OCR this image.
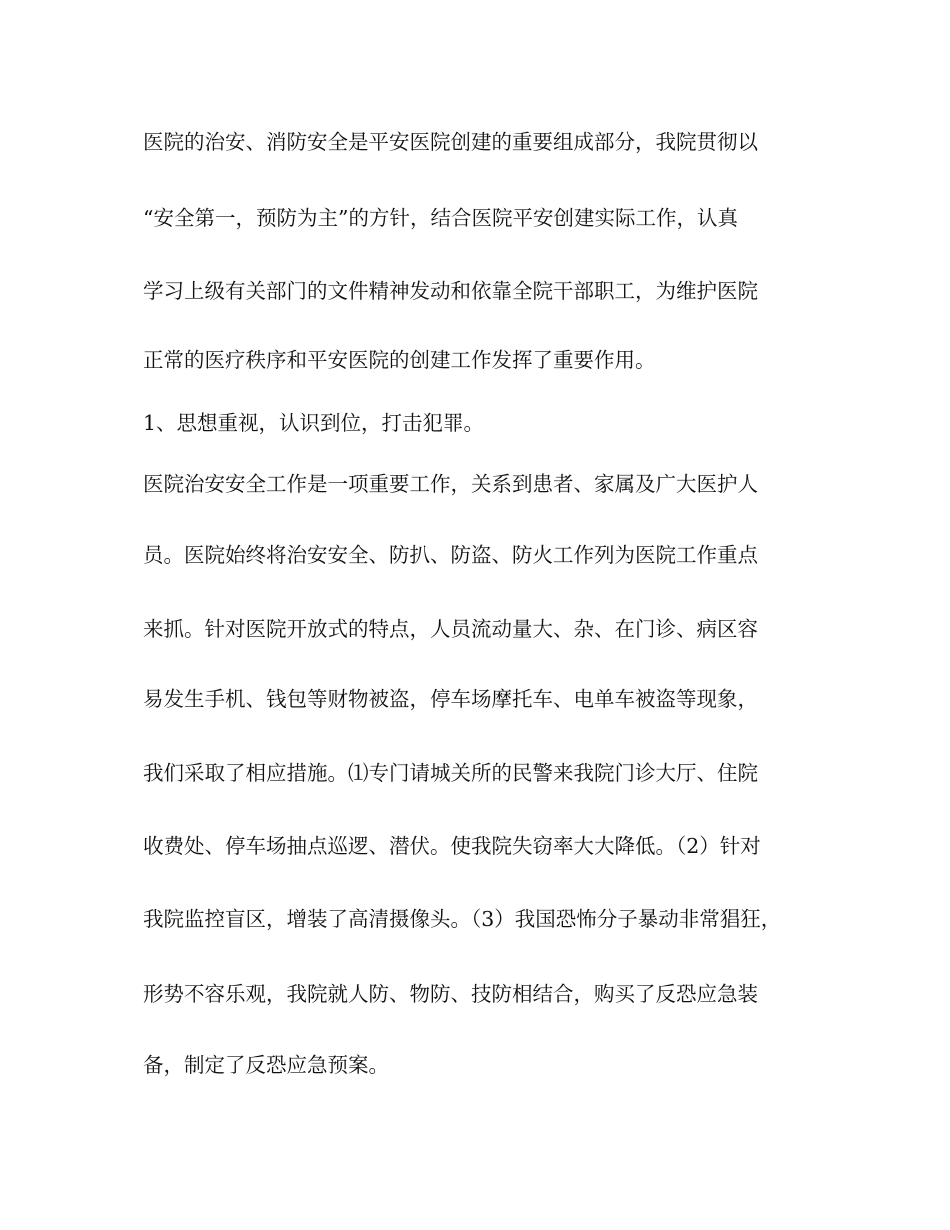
医院的治安、消防安全是平安医院创建的重要组成部分，我院贯彻以

“安全第一，预防为主”的方针，结合医院平安创建实际工作，认真

学习上级有关部门的文件精神发动和依靠全院干部职工，为维护医院

正常的医疗秩序和平安医院的创建工作发挥了重要作用。

1、思想重视，认识到位，打击犯罪。

医院治安安全工作是一项重要工作，关系到患者、家属及广大医护人

员。医院始终将治安安全、防扒、防盗、防火工作列为医院工作重点

来抓。针对医院开放式的特点，人员流动量大、杂、在门诊、病区容

易发生手机、钱包等财物被盗，停车场摩托车、电单车被盗等现象，

我们采取了相应措施。⑴专门请城关所的民警来我院门诊大厅、住院

收费处、停车场抽点巡逻、潜伏。使我院失窃率大大降低。（2）针对

我院监控盲区，增装了高清摄像头。（3）我国恐怖分子暴动非常猖狂，

形势不容乐观，我院就人防、物防、技防相结合，购买了反恐应急装

备，制定了反恐应急预案。
